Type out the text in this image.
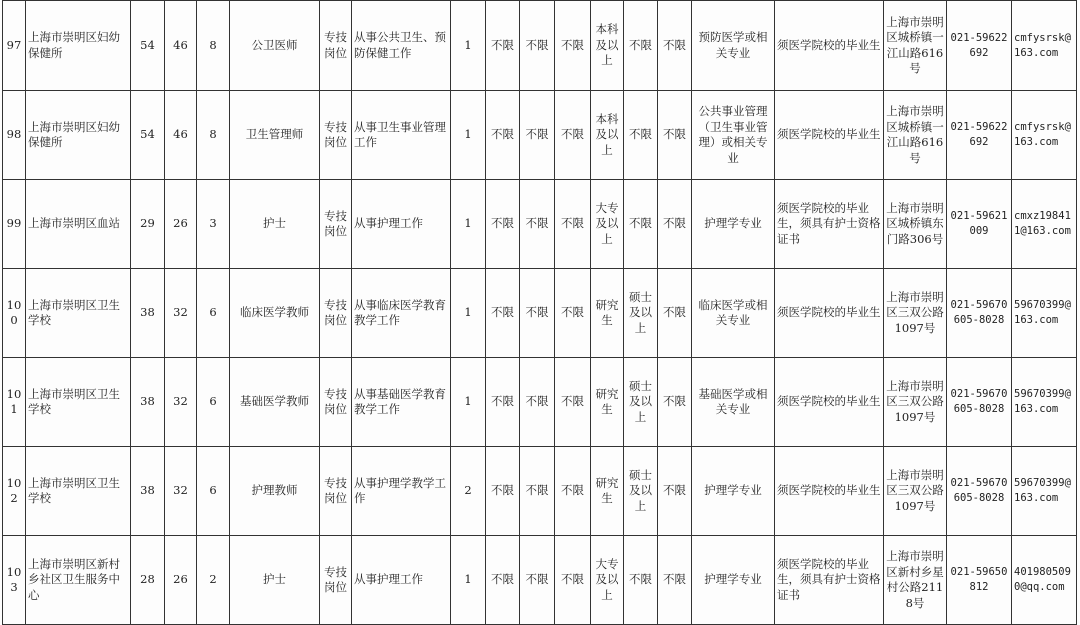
97	上海市崇明区妇幼保健所	54	46	8	公卫医师	专技岗位	从事公共卫生、预防保健工作	1	不限	不限	不限	本科及以上	不限	不限	预防医学或相关专业	须医学院校的毕业生	上海市崇明区城桥镇一江山路616号	021-59622692	cmfysrsk@163.com
98	上海市崇明区妇幼保健所	54	46	8	卫生管理师	专技岗位	从事卫生事业管理工作	1	不限	不限	不限	本科及以上	不限	不限	公共事业管理（卫生事业管理）或相关专业	须医学院校的毕业生	上海市崇明区城桥镇一江山路616号	021-59622692	cmfysrsk@163.com
99	上海市崇明区血站	29	26	3	护士	专技岗位	从事护理工作	1	不限	不限	不限	大专及以上	不限	不限	护理学专业	须医学院校的毕业生，须具有护士资格证书	上海市崇明区城桥镇东门路306号	021-59621009	cmxz198411@163.com
100	上海市崇明区卫生学校	38	32	6	临床医学教师	专技岗位	从事临床医学教育教学工作	1	不限	不限	不限	研究生	硕士及以上	不限	临床医学或相关专业	须医学院校的毕业生	上海市崇明区三双公路1097号	021-59670605-8028	59670399@163.com
101	上海市崇明区卫生学校	38	32	6	基础医学教师	专技岗位	从事基础医学教育教学工作	1	不限	不限	不限	研究生	硕士及以上	不限	基础医学或相关专业	须医学院校的毕业生	上海市崇明区三双公路1097号	021-59670605-8028	59670399@163.com
102	上海市崇明区卫生学校	38	32	6	护理教师	专技岗位	从事护理学教学工作	2	不限	不限	不限	研究生	硕士及以上	不限	护理学专业	须医学院校的毕业生	上海市崇明区三双公路1097号	021-59670605-8028	59670399@163.com
103	上海市崇明区新村乡社区卫生服务中心	28	26	2	护士	专技岗位	从事护理工作	1	不限	不限	不限	大专及以上	不限	不限	护理学专业	须医学院校的毕业生，须具有护士资格证书	上海市崇明区新村乡星村公路2118号	021-59650812	4019805090@qq.com
